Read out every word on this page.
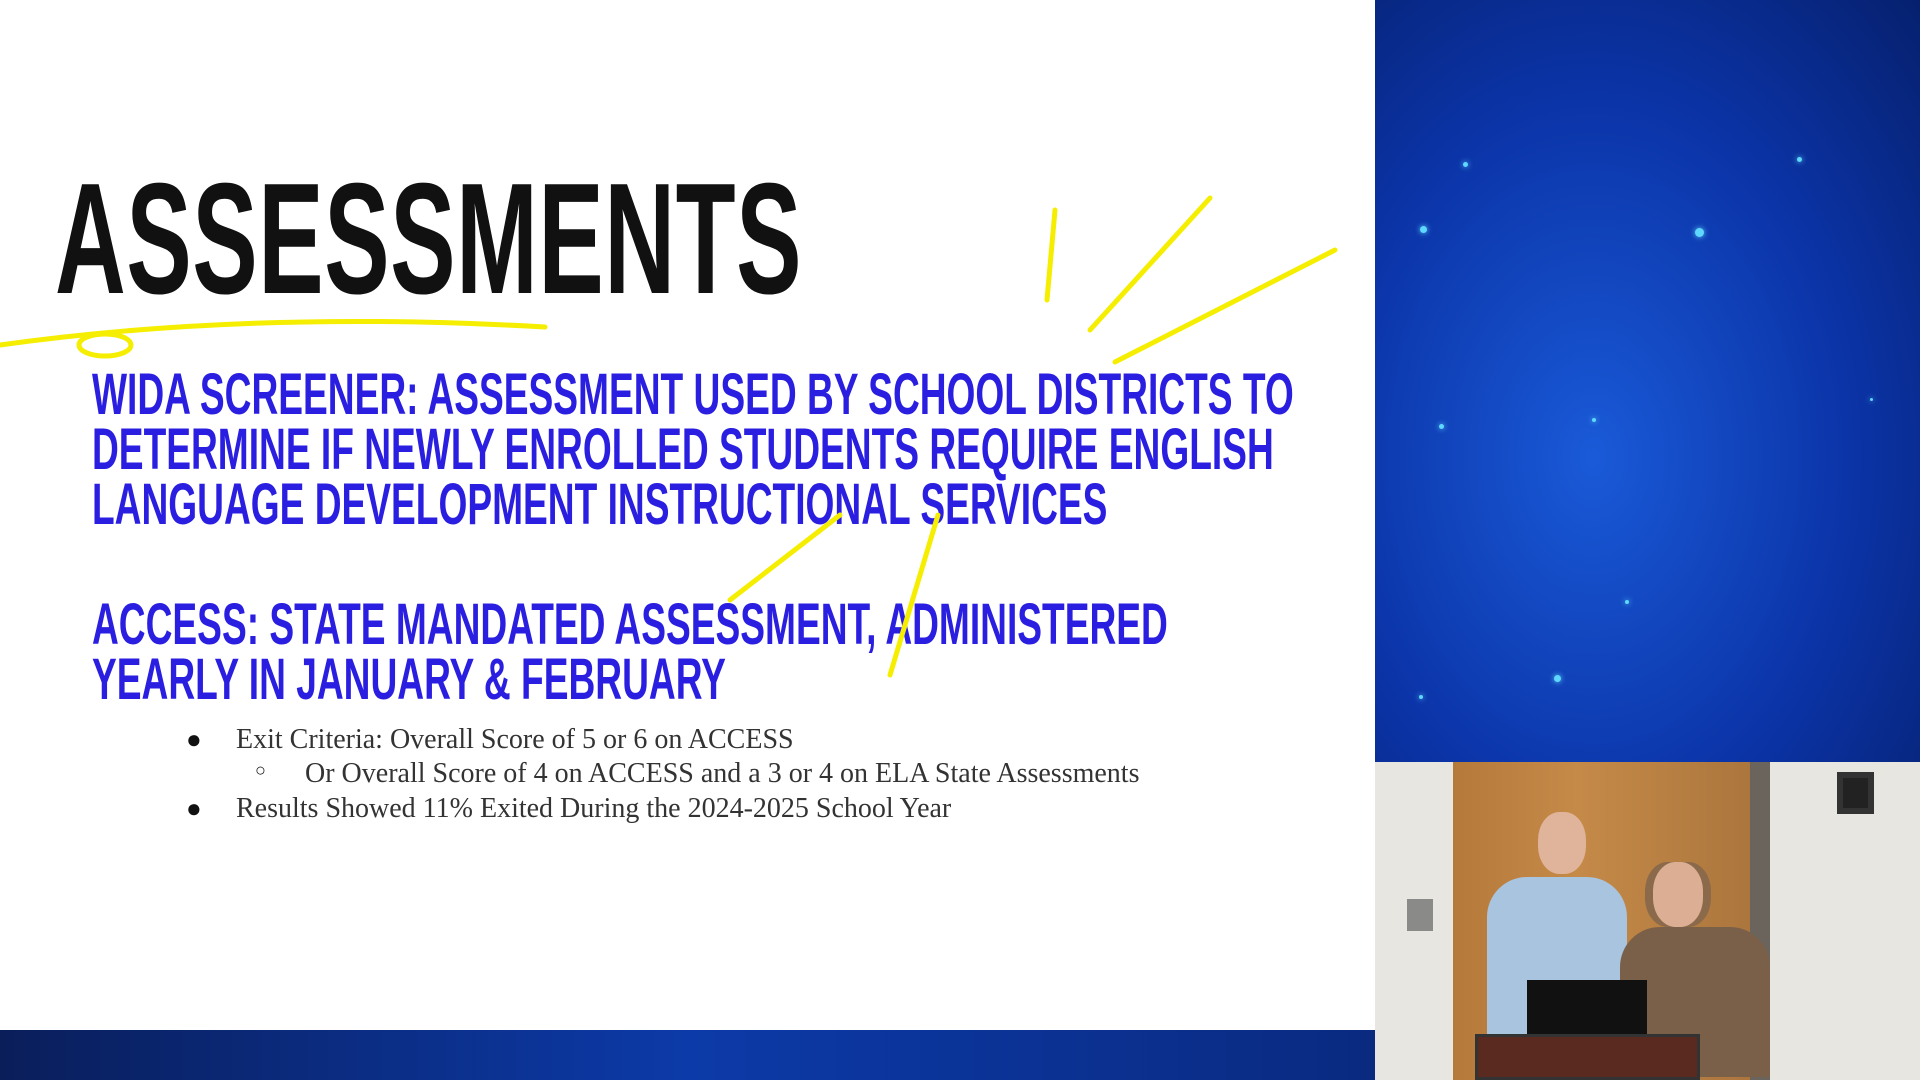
ASSESSMENTS
WIDA SCREENER: ASSESSMENT USED BY SCHOOL DISTRICTS TO
DETERMINE IF NEWLY ENROLLED STUDENTS REQUIRE ENGLISH
LANGUAGE DEVELOPMENT INSTRUCTIONAL SERVICES
ACCESS: STATE MANDATED ASSESSMENT, ADMINISTERED
YEARLY IN JANUARY & FEBRUARY
● Exit Criteria: Overall Score of 5 or 6 on ACCESS
○ Or Overall Score of 4 on ACCESS and a 3 or 4 on ELA State Assessments
● Results Showed 11% Exited During the 2024-2025 School Year
